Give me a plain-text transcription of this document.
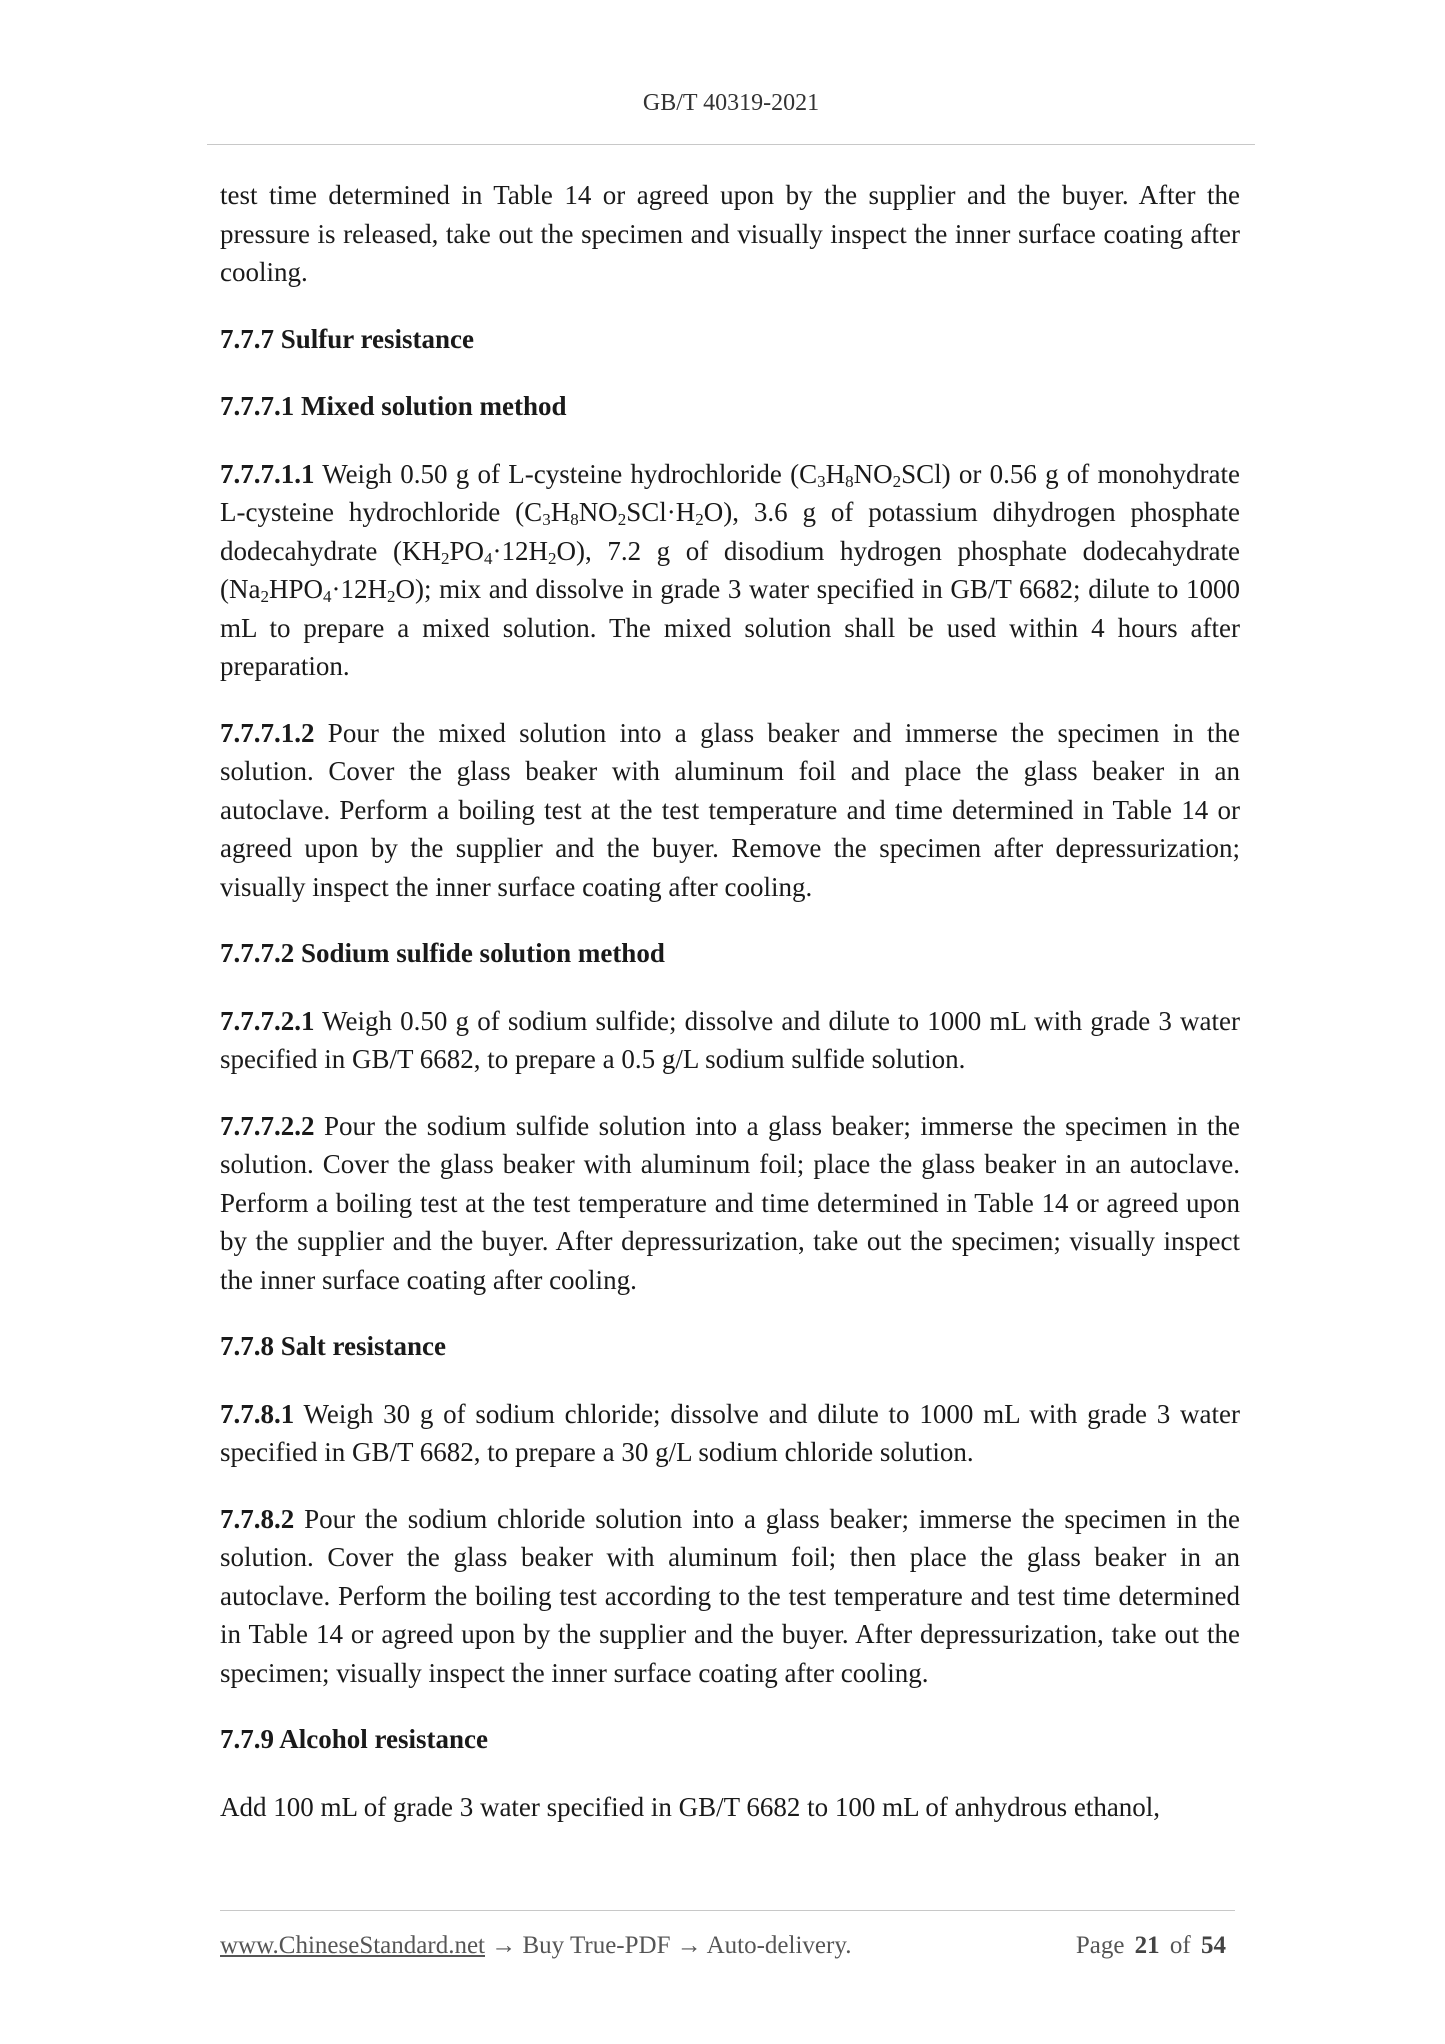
GB/T 40319-2021

test time determined in Table 14 or agreed upon by the supplier and the buyer. After the pressure is released, take out the specimen and visually inspect the inner surface coating after cooling.

7.7.7 Sulfur resistance

7.7.7.1 Mixed solution method

7.7.7.1.1 Weigh 0.50 g of L-cysteine hydrochloride $(C_3H_8NO_2SCl)$ or 0.56 g of monohydrate L-cysteine hydrochloride $(C_3H_8NO_2SCl\cdot H_2O)$, 3.6 g of potassium dihydrogen phosphate dodecahydrate $(KH_2PO_4\cdot 12H_2O)$, 7.2 g of disodium hydrogen phosphate dodecahydrate $(Na_2HPO_4\cdot 12H_2O)$; mix and dissolve in grade 3 water specified in GB/T 6682; dilute to 1000 mL to prepare a mixed solution. The mixed solution shall be used within 4 hours after preparation.

7.7.7.1.2 Pour the mixed solution into a glass beaker and immerse the specimen in the solution. Cover the glass beaker with aluminum foil and place the glass beaker in an autoclave. Perform a boiling test at the test temperature and time determined in Table 14 or agreed upon by the supplier and the buyer. Remove the specimen after depressurization; visually inspect the inner surface coating after cooling.

7.7.7.2 Sodium sulfide solution method

7.7.7.2.1 Weigh 0.50 g of sodium sulfide; dissolve and dilute to 1000 mL with grade 3 water specified in GB/T 6682, to prepare a 0.5 g/L sodium sulfide solution.

7.7.7.2.2 Pour the sodium sulfide solution into a glass beaker; immerse the specimen in the solution. Cover the glass beaker with aluminum foil; place the glass beaker in an autoclave. Perform a boiling test at the test temperature and time determined in Table 14 or agreed upon by the supplier and the buyer. After depressurization, take out the specimen; visually inspect the inner surface coating after cooling.

7.7.8 Salt resistance

7.7.8.1 Weigh 30 g of sodium chloride; dissolve and dilute to 1000 mL with grade 3 water specified in GB/T 6682, to prepare a 30 g/L sodium chloride solution.

7.7.8.2 Pour the sodium chloride solution into a glass beaker; immerse the specimen in the solution. Cover the glass beaker with aluminum foil; then place the glass beaker in an autoclave. Perform the boiling test according to the test temperature and test time determined in Table 14 or agreed upon by the supplier and the buyer. After depressurization, take out the specimen; visually inspect the inner surface coating after cooling.

7.7.9 Alcohol resistance

Add 100 mL of grade 3 water specified in GB/T 6682 to 100 mL of anhydrous ethanol,

www.ChineseStandard.net → Buy True-PDF → Auto-delivery.	Page 21 of 54
